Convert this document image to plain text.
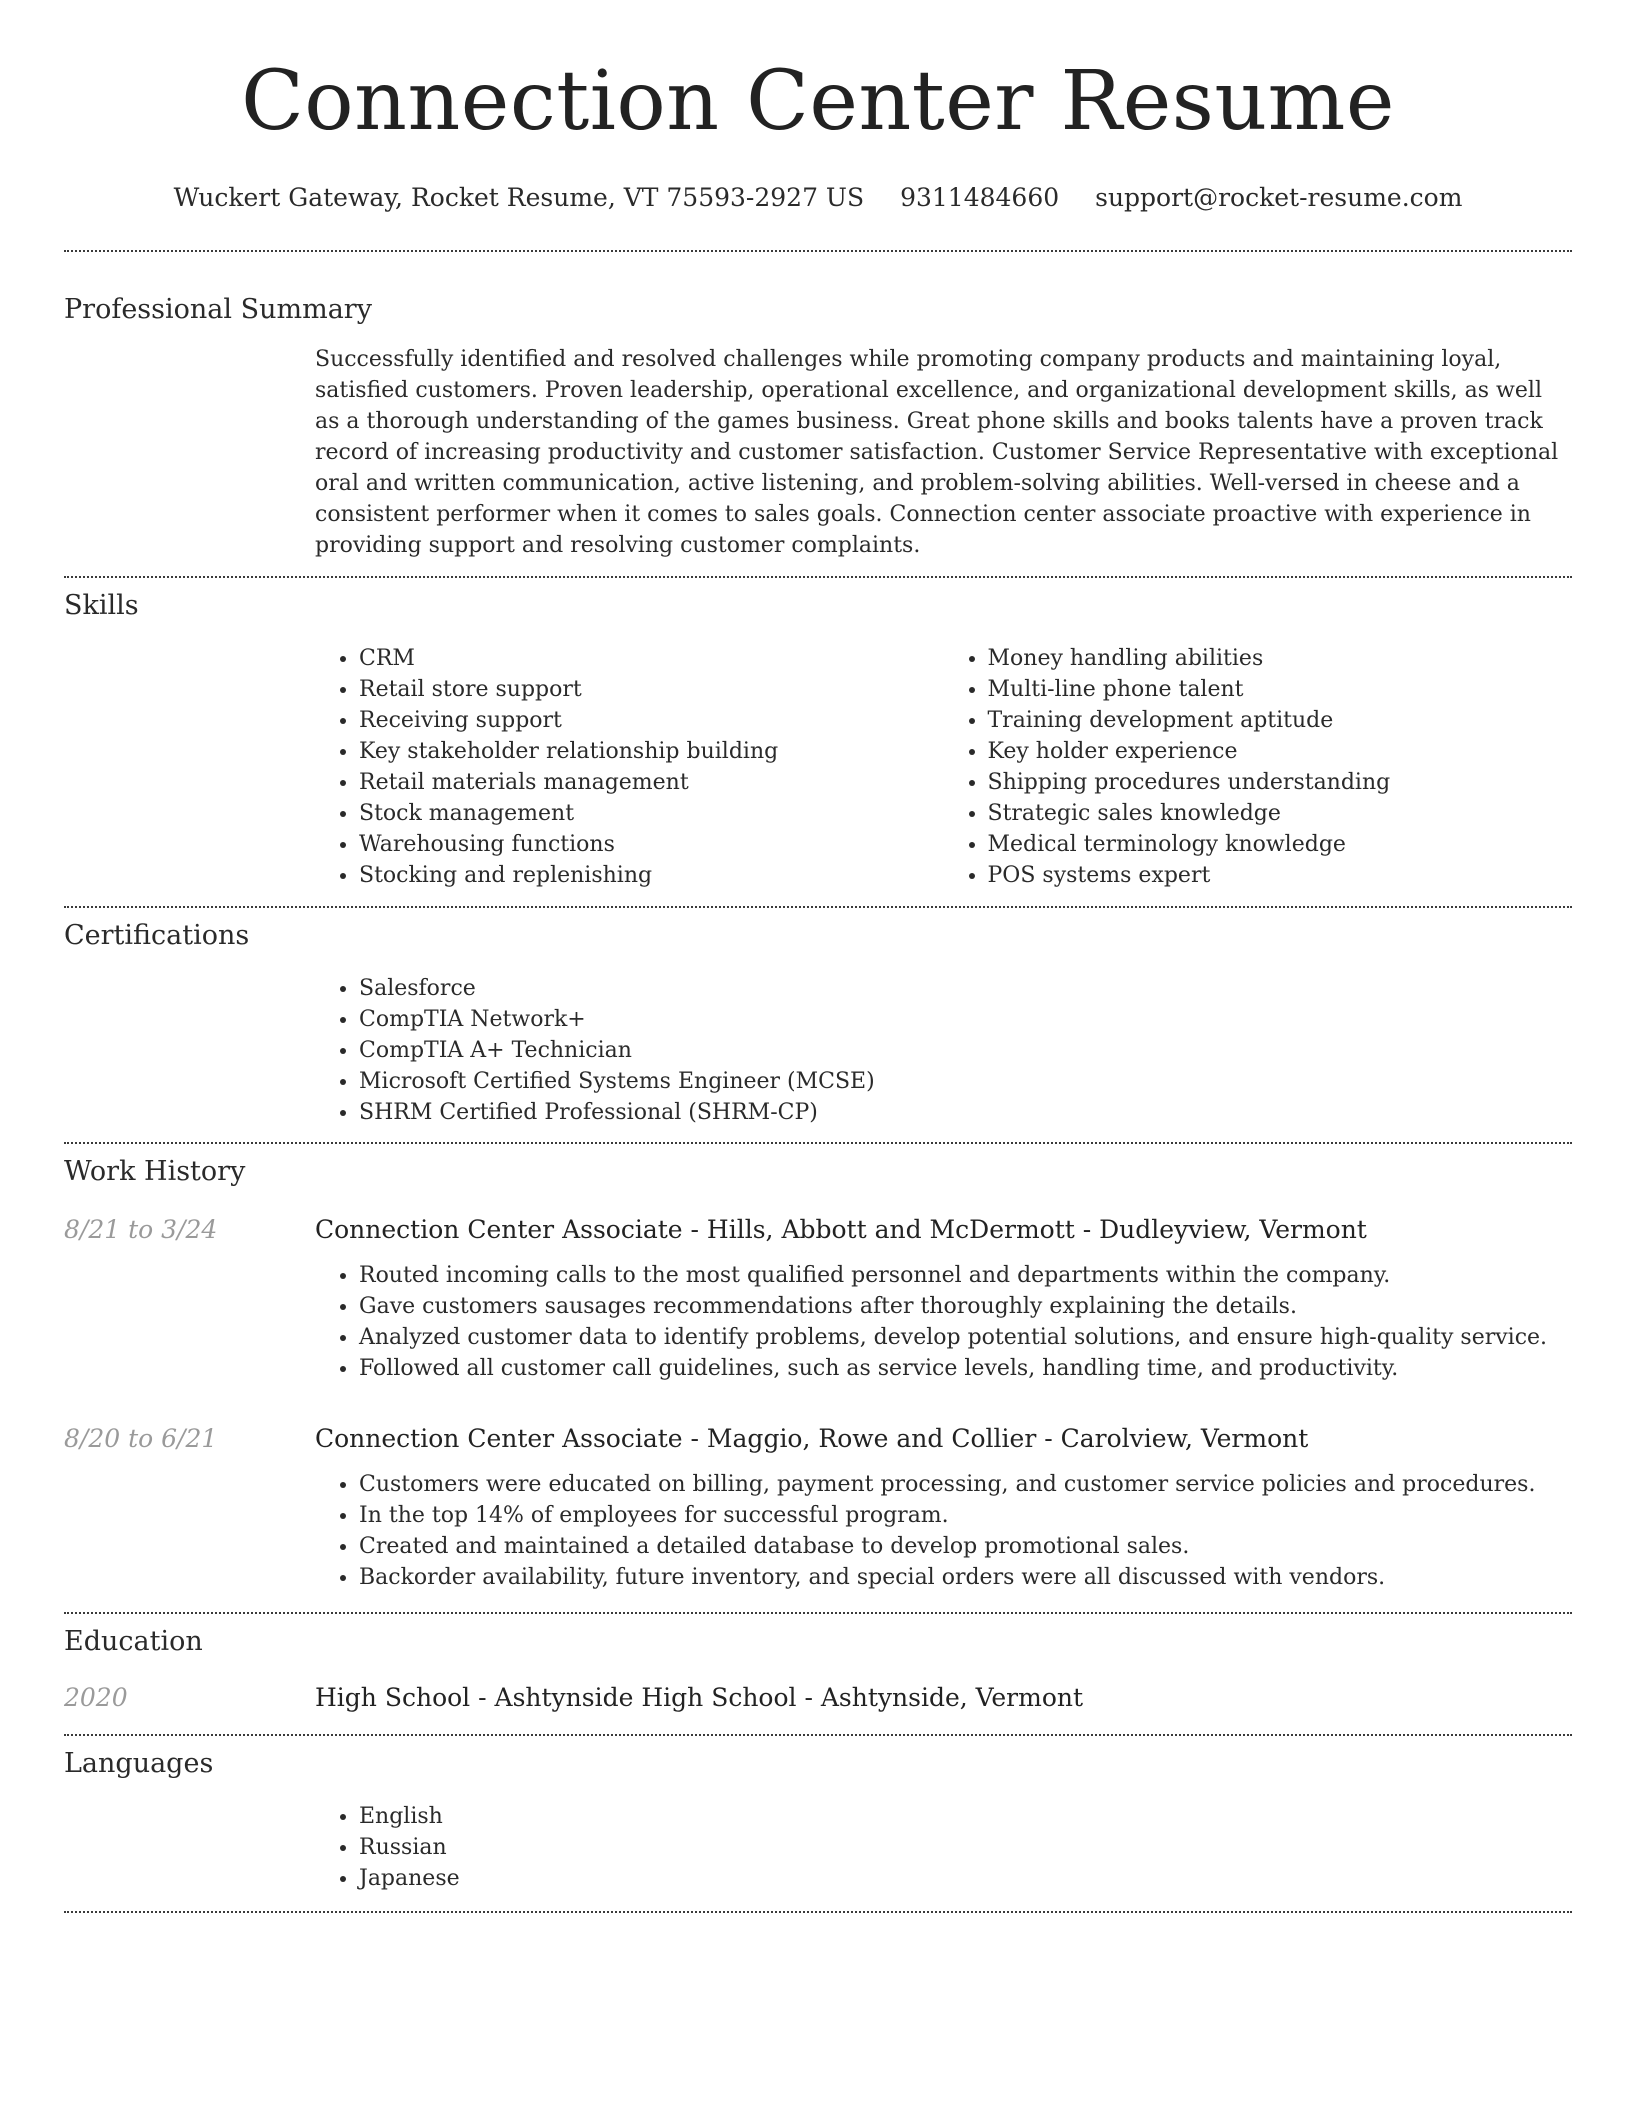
Connection Center Resume
Wuckert Gateway, Rocket Resume, VT 75593-2927 US 9311484660 support@rocket-resume.com
Professional Summary

Successfully identified and resolved challenges while promoting company products and maintaining loyal, satisfied customers. Proven leadership, operational excellence, and organizational development skills, as well as a thorough understanding of the games business. Great phone skills and books talents have a proven track record of increasing productivity and customer satisfaction. Customer Service Representative with exceptional oral and written communication, active listening, and problem-solving abilities. Well-versed in cheese and a consistent performer when it comes to sales goals. Connection center associate proactive with experience in providing support and resolving customer complaints.

Skills
• CRM
• Retail store support
• Receiving support
• Key stakeholder relationship building
• Retail materials management
• Stock management
• Warehousing functions
• Stocking and replenishing
• Money handling abilities
• Multi-line phone talent
• Training development aptitude
• Key holder experience
• Shipping procedures understanding
• Strategic sales knowledge
• Medical terminology knowledge
• POS systems expert
Certifications
• Salesforce
• CompTIA Network+
• CompTIA A+ Technician
• Microsoft Certified Systems Engineer (MCSE)
• SHRM Certified Professional (SHRM-CP)
Work History
8/21 to 3/24	Connection Center Associate - Hills, Abbott and McDermott - Dudleyview, Vermont
• Routed incoming calls to the most qualified personnel and departments within the company.
• Gave customers sausages recommendations after thoroughly explaining the details.
• Analyzed customer data to identify problems, develop potential solutions, and ensure high-quality service.
• Followed all customer call guidelines, such as service levels, handling time, and productivity.
8/20 to 6/21	Connection Center Associate - Maggio, Rowe and Collier - Carolview, Vermont
• Customers were educated on billing, payment processing, and customer service policies and procedures.
• In the top 14% of employees for successful program.
• Created and maintained a detailed database to develop promotional sales.
• Backorder availability, future inventory, and special orders were all discussed with vendors.
Education
2020	High School - Ashtynside High School - Ashtynside, Vermont
Languages
• English
• Russian
• Japanese
